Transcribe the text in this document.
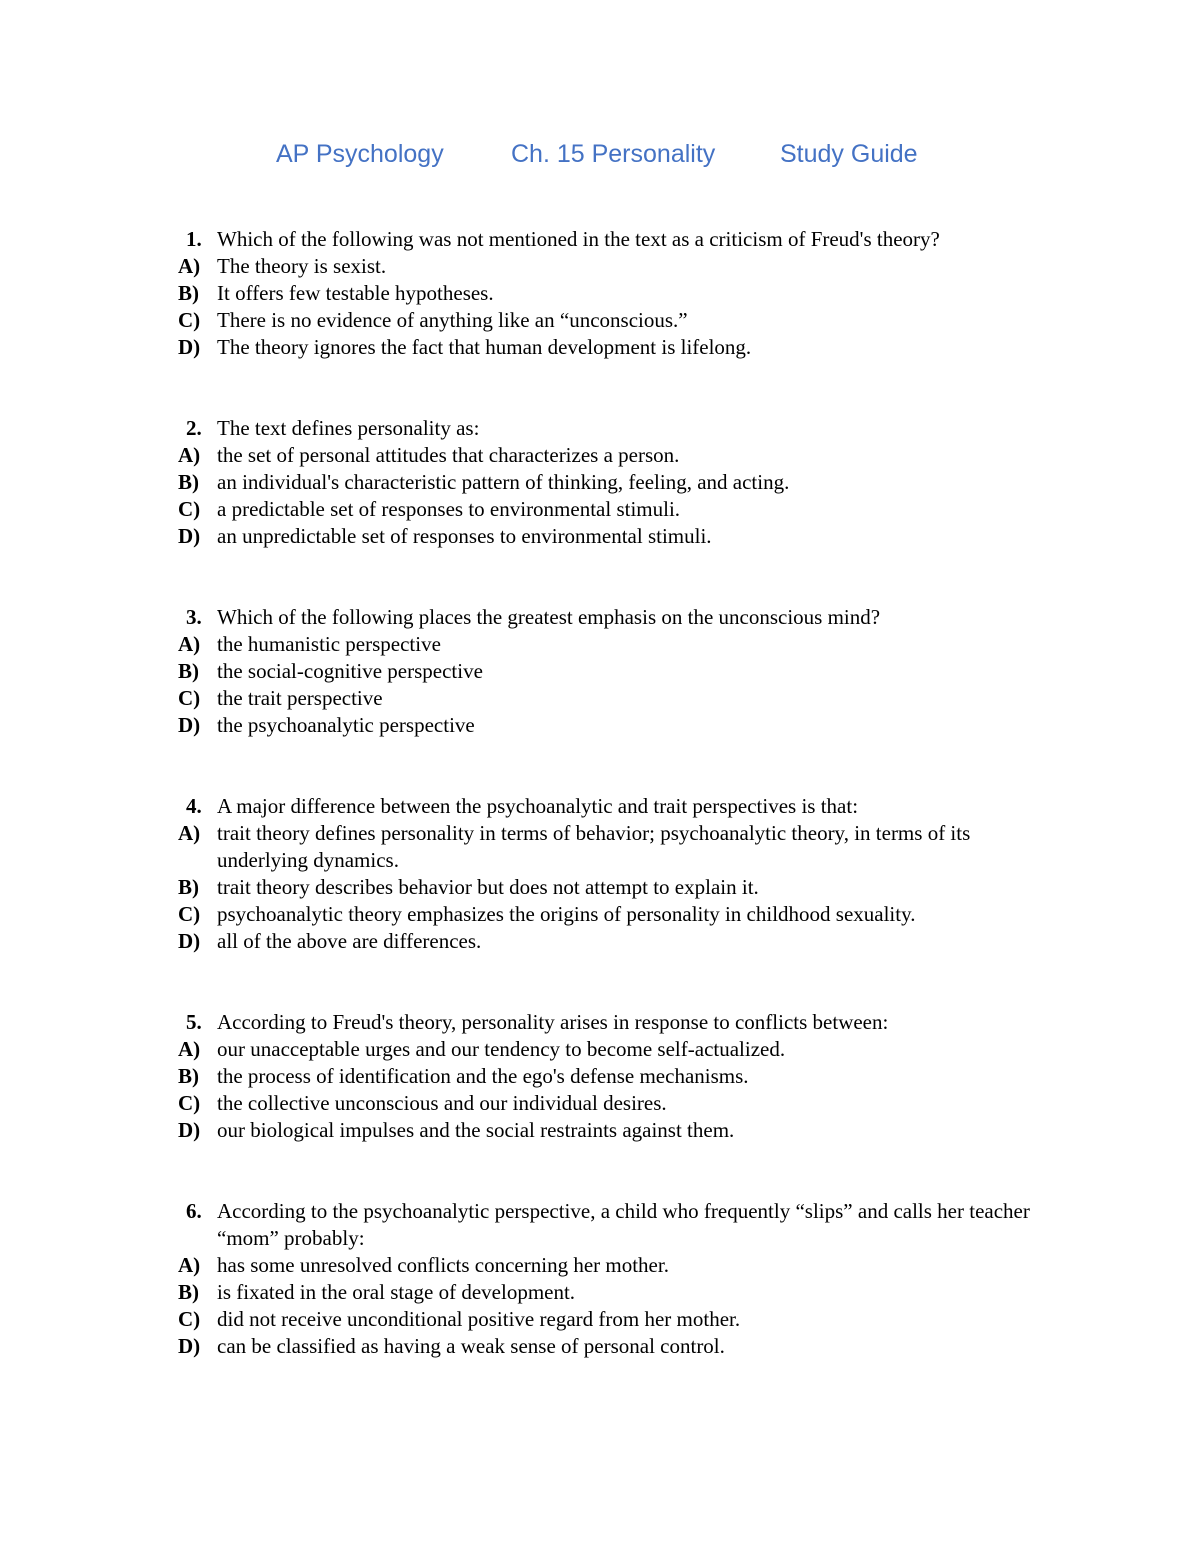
AP Psychology	Ch. 15 Personality	Study Guide
1. Which of the following was not mentioned in the text as a criticism of Freud's theory?
A) The theory is sexist.
B) It offers few testable hypotheses.
C) There is no evidence of anything like an “unconscious.”
D) The theory ignores the fact that human development is lifelong.
2. The text defines personality as:
A) the set of personal attitudes that characterizes a person.
B) an individual's characteristic pattern of thinking, feeling, and acting.
C) a predictable set of responses to environmental stimuli.
D) an unpredictable set of responses to environmental stimuli.
3. Which of the following places the greatest emphasis on the unconscious mind?
A) the humanistic perspective
B) the social-cognitive perspective
C) the trait perspective
D) the psychoanalytic perspective
4. A major difference between the psychoanalytic and trait perspectives is that:
A) trait theory defines personality in terms of behavior; psychoanalytic theory, in terms of its underlying dynamics.
B) trait theory describes behavior but does not attempt to explain it.
C) psychoanalytic theory emphasizes the origins of personality in childhood sexuality.
D) all of the above are differences.
5. According to Freud's theory, personality arises in response to conflicts between:
A) our unacceptable urges and our tendency to become self-actualized.
B) the process of identification and the ego's defense mechanisms.
C) the collective unconscious and our individual desires.
D) our biological impulses and the social restraints against them.
6. According to the psychoanalytic perspective, a child who frequently “slips” and calls her teacher “mom” probably:
A) has some unresolved conflicts concerning her mother.
B) is fixated in the oral stage of development.
C) did not receive unconditional positive regard from her mother.
D) can be classified as having a weak sense of personal control.
